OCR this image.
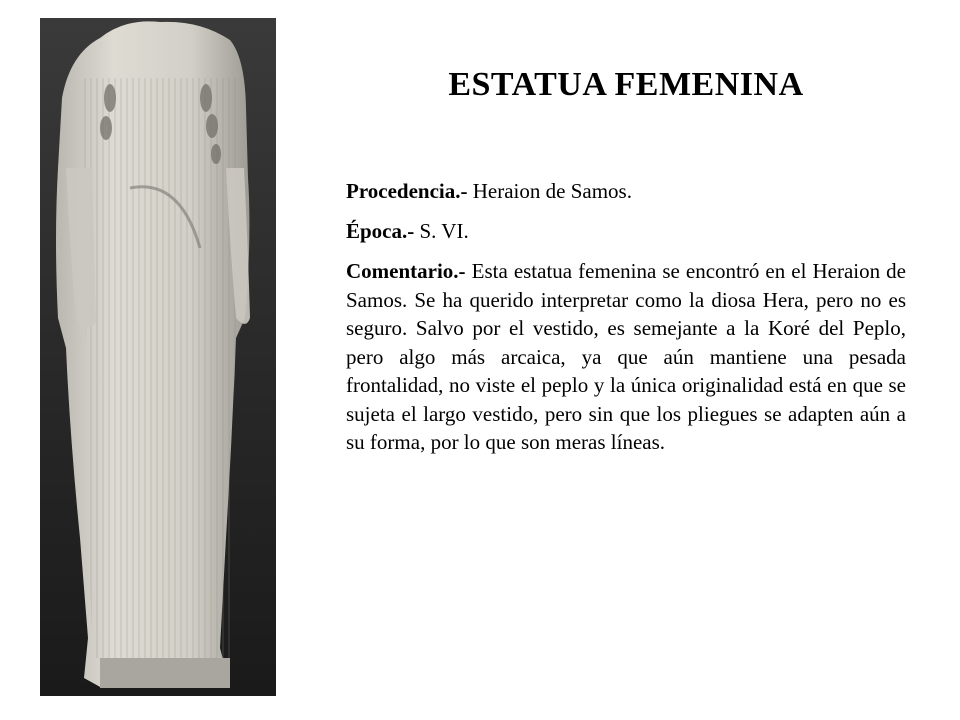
ESTATUA FEMENINA

Procedencia.- Heraion de Samos.

Época.- S. VI.

Comentario.- Esta estatua femenina se encontró en el Heraion de Samos. Se ha querido interpretar como la diosa Hera, pero no es seguro. Salvo por el vestido, es semejante a la Koré del Peplo, pero algo más arcaica, ya que aún mantiene una pesada frontalidad, no viste el peplo y la única originalidad está en que se sujeta el largo vestido, pero sin que los pliegues se adapten aún a su forma, por lo que son meras líneas.
